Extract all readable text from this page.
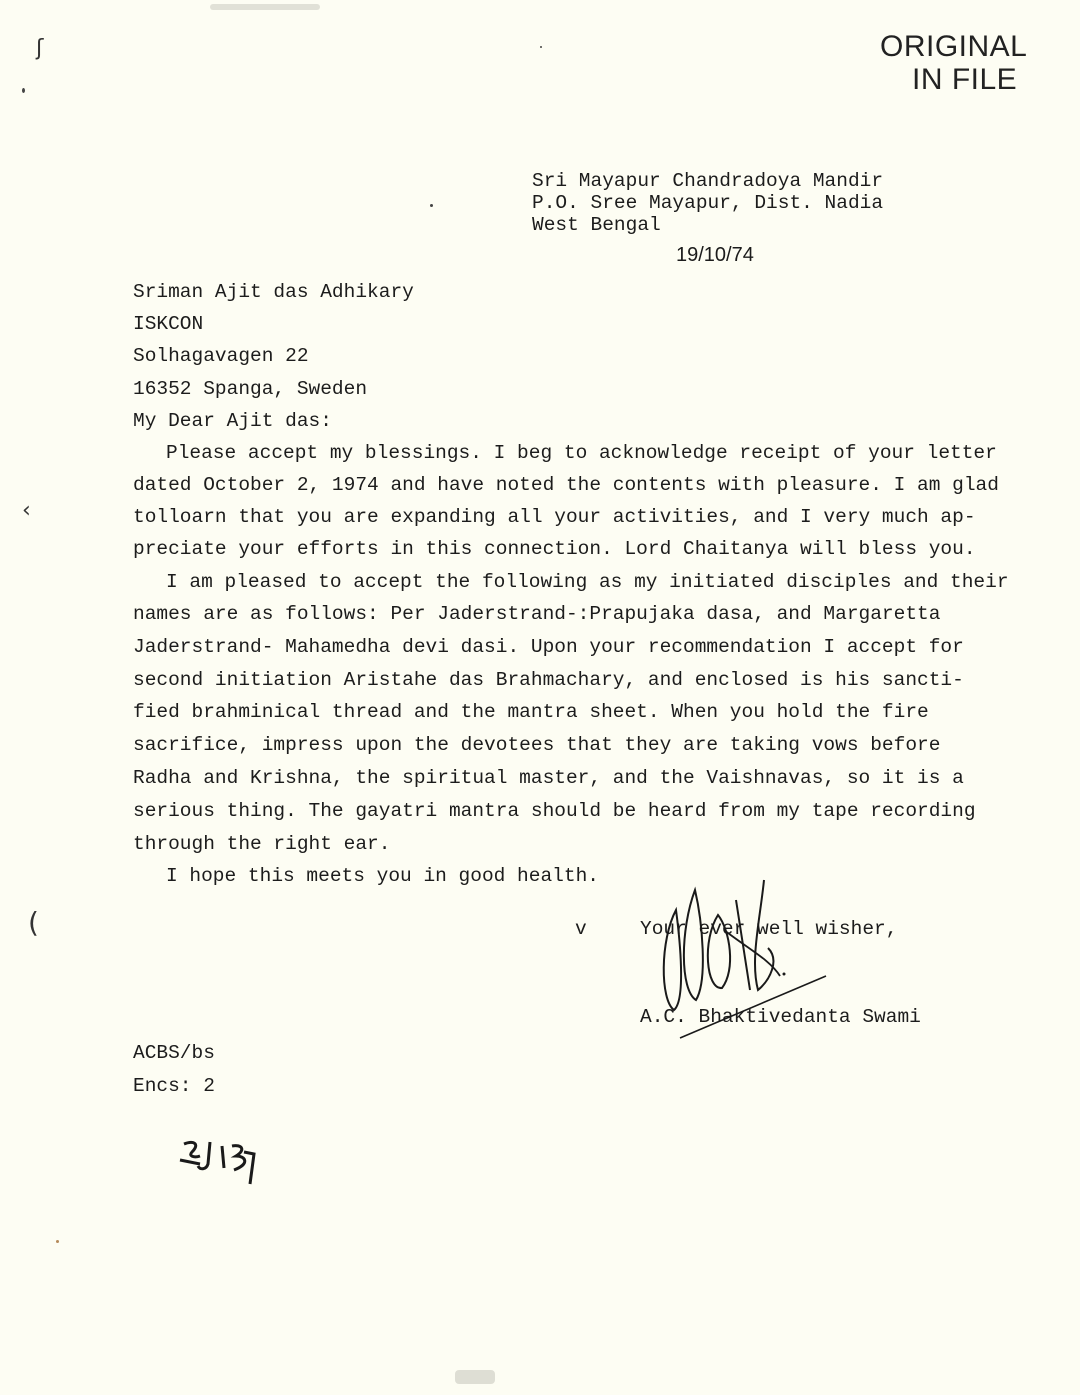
ʃ
‹
(
ORIGINAL
IN FILE
Sri Mayapur Chandradoya Mandir
P.O. Sree Mayapur, Dist. Nadia
West Bengal
19/10/74
Sriman Ajit das Adhikary
ISKCON
Solhagavagen 22
16352 Spanga, Sweden
My Dear Ajit das:
Please accept my blessings. I beg to acknowledge receipt of your letter
dated October 2, 1974 and have noted the contents with pleasure. I am glad
tolloarn that you are expanding all your activities, and I very much ap-
preciate your efforts in this connection. Lord Chaitanya will bless you.
I am pleased to accept the following as my initiated disciples and their
names are as follows: Per Jaderstrand-:Prapujaka dasa, and Margaretta
Jaderstrand- Mahamedha devi dasi. Upon your recommendation I accept for
second initiation Aristahe das Brahmachary, and enclosed is his sancti-
fied brahminical thread and the mantra sheet. When you hold the fire
sacrifice, impress upon the devotees that they are taking vows before
Radha and Krishna, the spiritual master, and the Vaishnavas, so it is a
serious thing. The gayatri mantra should be heard from my tape recording
through the right ear.
I hope this meets you in good health.
v	Your ever well wisher,
A.C. Bhaktivedanta Swami
ACBS/bs
Encs: 2
